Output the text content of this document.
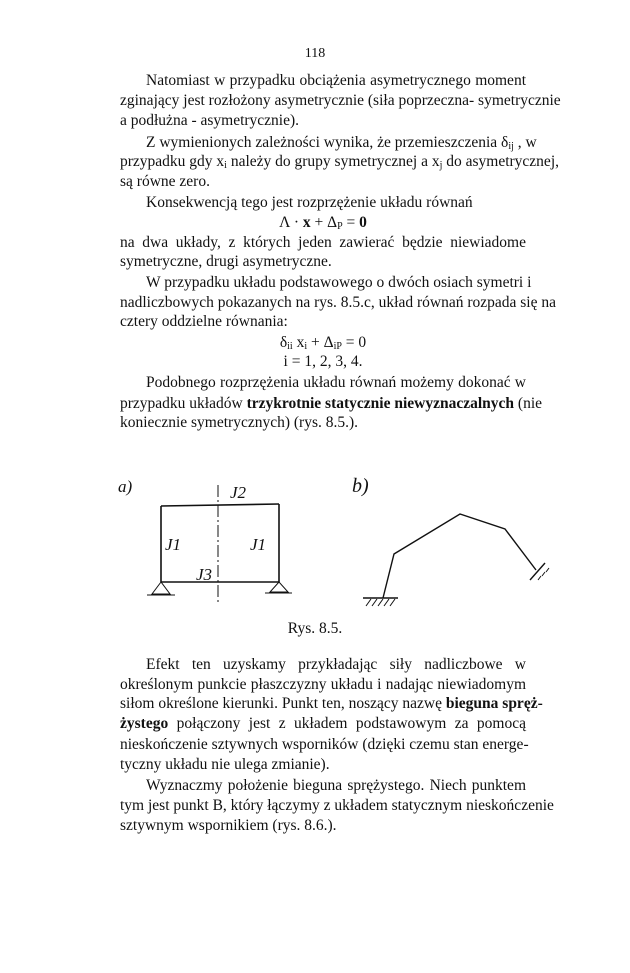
118
Natomiast w przypadku obciążenia asymetrycznego moment
zginający jest rozłożony asymetrycznie (siła poprzeczna- symetrycznie
a podłużna - asymetrycznie).
Z wymienionych zależności wynika, że przemieszczenia $\delta_{ij}$ , w
przypadku gdy $x_i$ należy do grupy symetrycznej a $x_j$ do asymetrycznej,
są równe zero.
Konsekwencją tego jest rozprzężenie układu równań
$\Lambda \cdot x + \Delta_P = 0$
na dwa układy, z których jeden zawierać będzie niewiadome
symetryczne, drugi asymetryczne.
W przypadku układu podstawowego o dwóch osiach symetri i
nadliczbowych pokazanych na rys. 8.5.c, układ równań rozpada się na
cztery oddzielne równania:
$\delta_{ii}$ $x_i + \Delta_{iP} = 0$
i = 1, 2, 3, 4.
Podobnego rozprzężenia układu równań możemy dokonać w
przypadku układów trzykrotnie statycznie niewyznaczalnych (nie
koniecznie symetrycznych) (rys. 8.5.).
a)	J2
J1	J1
J3
b)
Rys. 8.5.
Efekt ten uzyskamy przykładając siły nadliczbowe w
określonym punkcie płaszczyzny układu i nadając niewiadomym
siłom określone kierunki. Punkt ten, noszący nazwę bieguna spręż-
żystego połączony jest z układem podstawowym za pomocą
nieskończenie sztywnych wsporników (dzięki czemu stan energe-
tyczny układu nie ulega zmianie).
Wyznaczmy położenie bieguna sprężystego. Niech punktem
tym jest punkt B, który łączymy z układem statycznym nieskończenie
sztywnym wspornikiem (rys. 8.6.).
